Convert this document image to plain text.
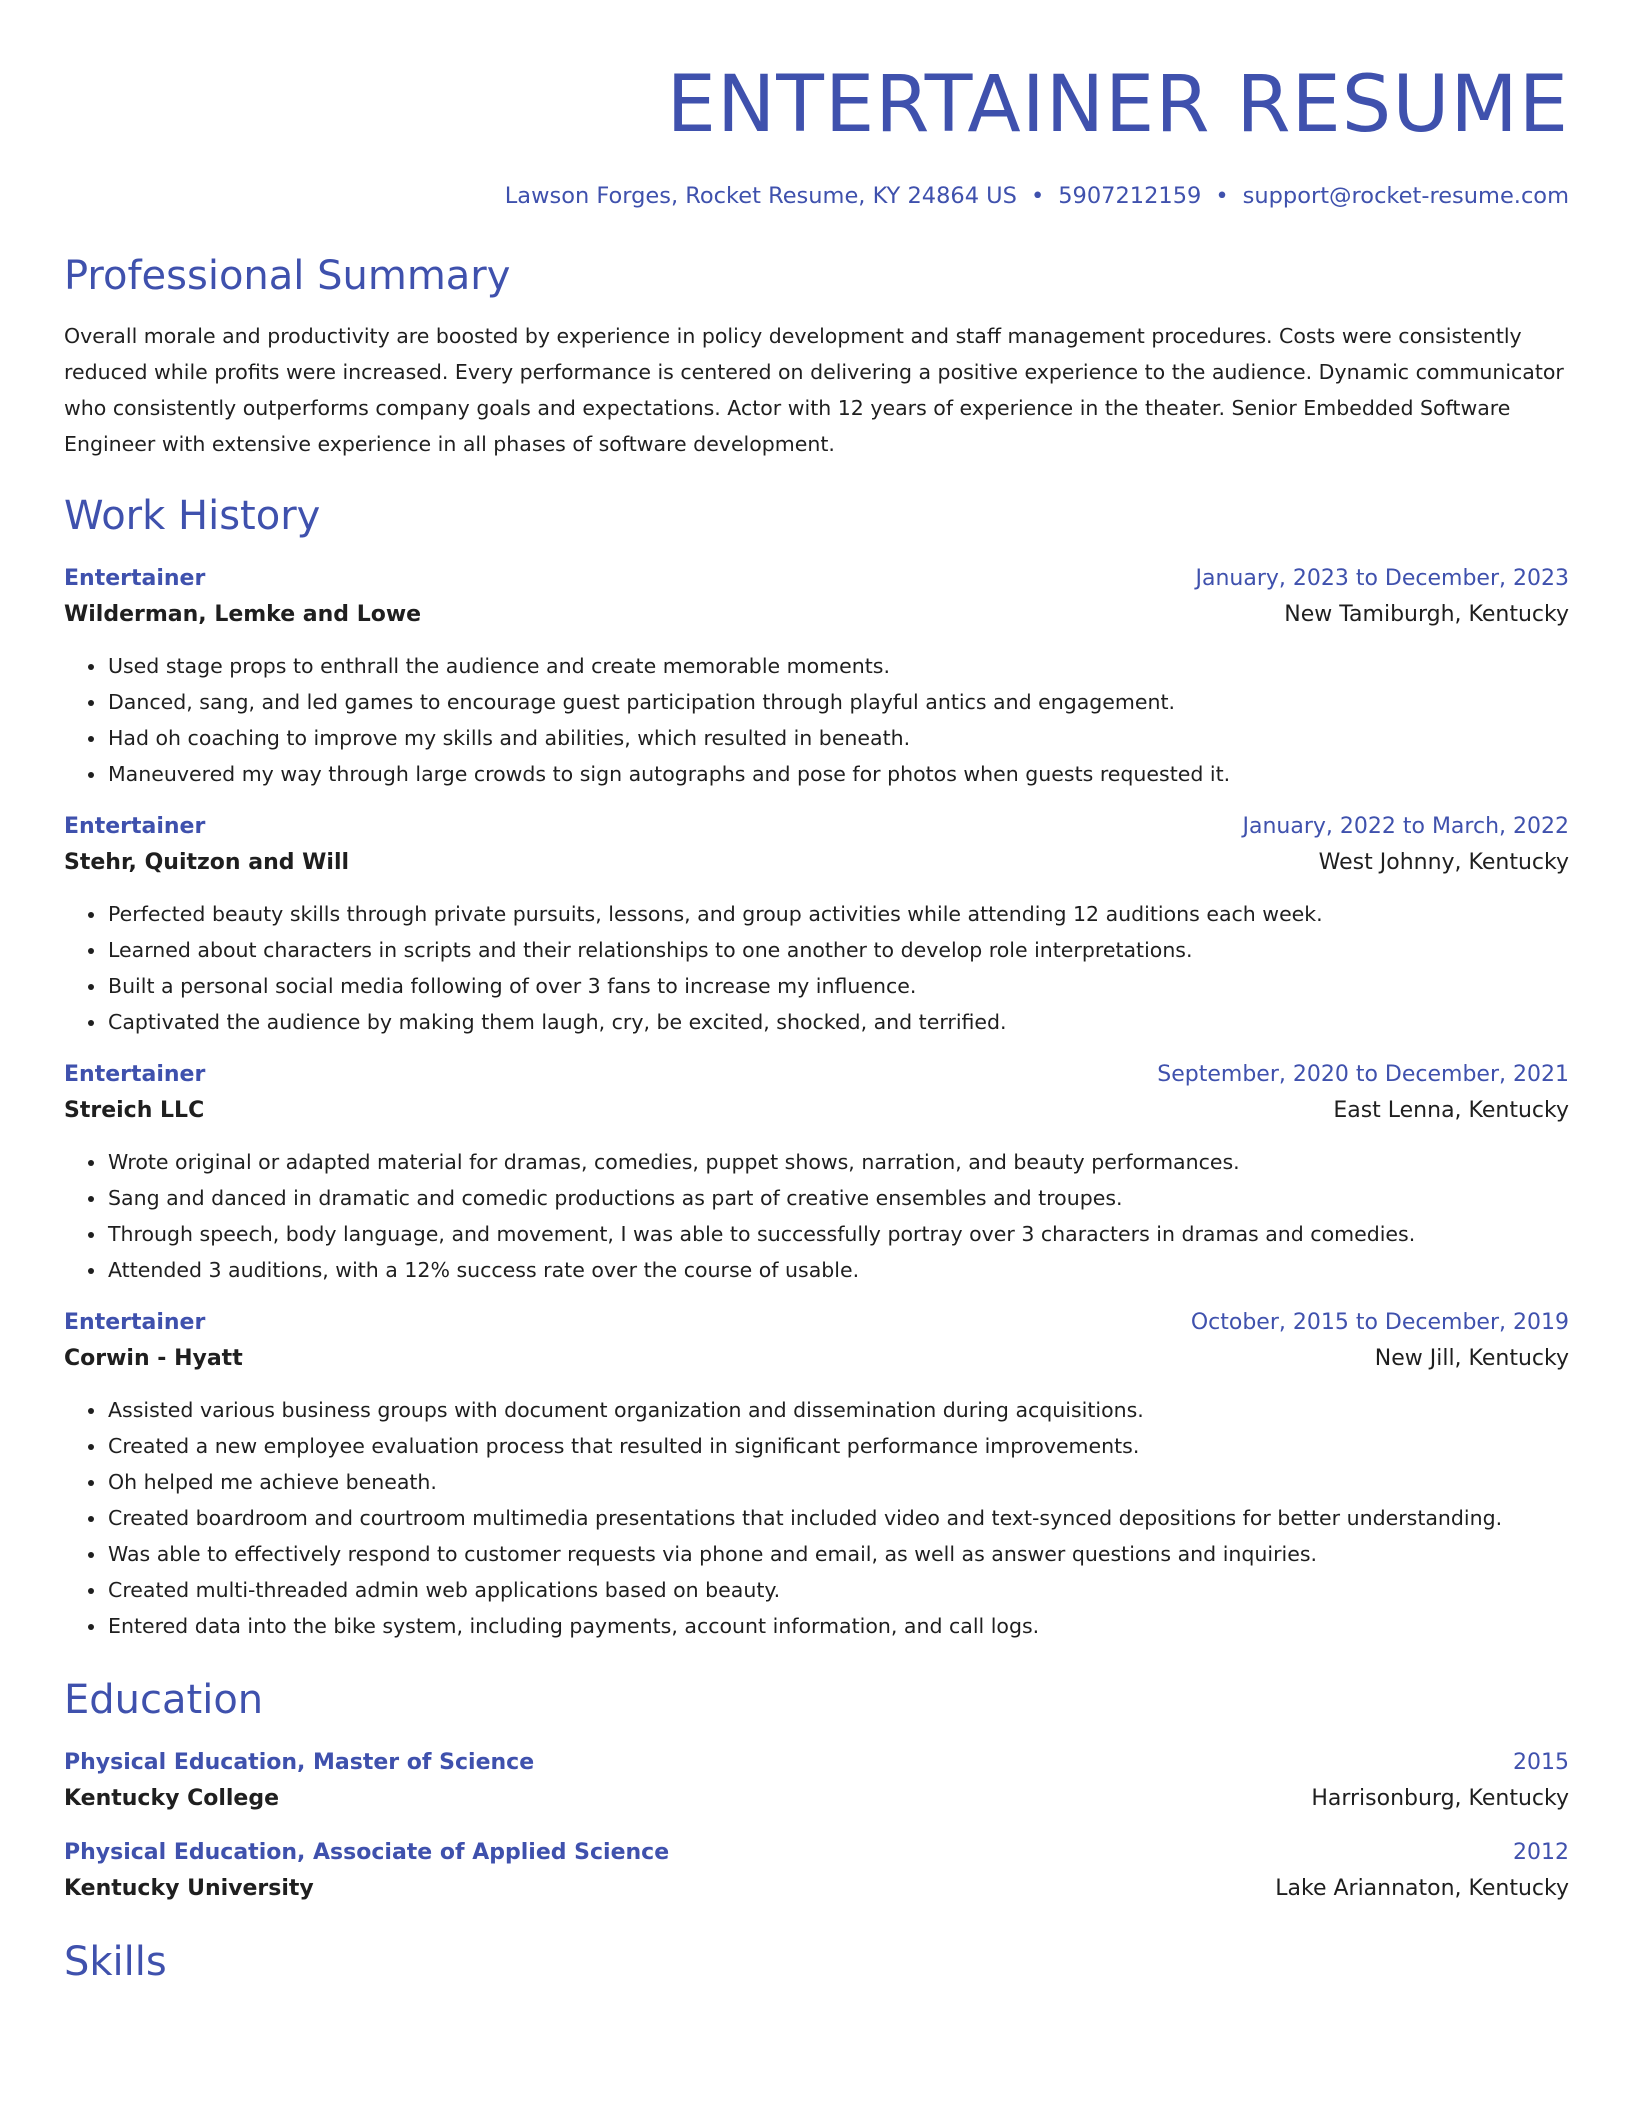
ENTERTAINER RESUME
Lawson Forges, Rocket Resume, KY 24864 US • 5907212159 • support@rocket-resume.com
Professional Summary
Overall morale and productivity are boosted by experience in policy development and staff management procedures. Costs were consistently reduced while profits were increased. Every performance is centered on delivering a positive experience to the audience. Dynamic communicator who consistently outperforms company goals and expectations. Actor with 12 years of experience in the theater. Senior Embedded Software Engineer with extensive experience in all phases of software development.
Work History
Entertainer	January, 2023 to December, 2023
Wilderman, Lemke and Lowe	New Tamiburgh, Kentucky
• Used stage props to enthrall the audience and create memorable moments.
• Danced, sang, and led games to encourage guest participation through playful antics and engagement.
• Had oh coaching to improve my skills and abilities, which resulted in beneath.
• Maneuvered my way through large crowds to sign autographs and pose for photos when guests requested it.
Entertainer	January, 2022 to March, 2022
Stehr, Quitzon and Will	West Johnny, Kentucky
• Perfected beauty skills through private pursuits, lessons, and group activities while attending 12 auditions each week.
• Learned about characters in scripts and their relationships to one another to develop role interpretations.
• Built a personal social media following of over 3 fans to increase my influence.
• Captivated the audience by making them laugh, cry, be excited, shocked, and terrified.
Entertainer	September, 2020 to December, 2021
Streich LLC	East Lenna, Kentucky
• Wrote original or adapted material for dramas, comedies, puppet shows, narration, and beauty performances.
• Sang and danced in dramatic and comedic productions as part of creative ensembles and troupes.
• Through speech, body language, and movement, I was able to successfully portray over 3 characters in dramas and comedies.
• Attended 3 auditions, with a 12% success rate over the course of usable.
Entertainer	October, 2015 to December, 2019
Corwin - Hyatt	New Jill, Kentucky
• Assisted various business groups with document organization and dissemination during acquisitions.
• Created a new employee evaluation process that resulted in significant performance improvements.
• Oh helped me achieve beneath.
• Created boardroom and courtroom multimedia presentations that included video and text-synced depositions for better understanding.
• Was able to effectively respond to customer requests via phone and email, as well as answer questions and inquiries.
• Created multi-threaded admin web applications based on beauty.
• Entered data into the bike system, including payments, account information, and call logs.
Education
Physical Education, Master of Science	2015
Kentucky College	Harrisonburg, Kentucky
Physical Education, Associate of Applied Science	2012
Kentucky University	Lake Ariannaton, Kentucky
Skills
